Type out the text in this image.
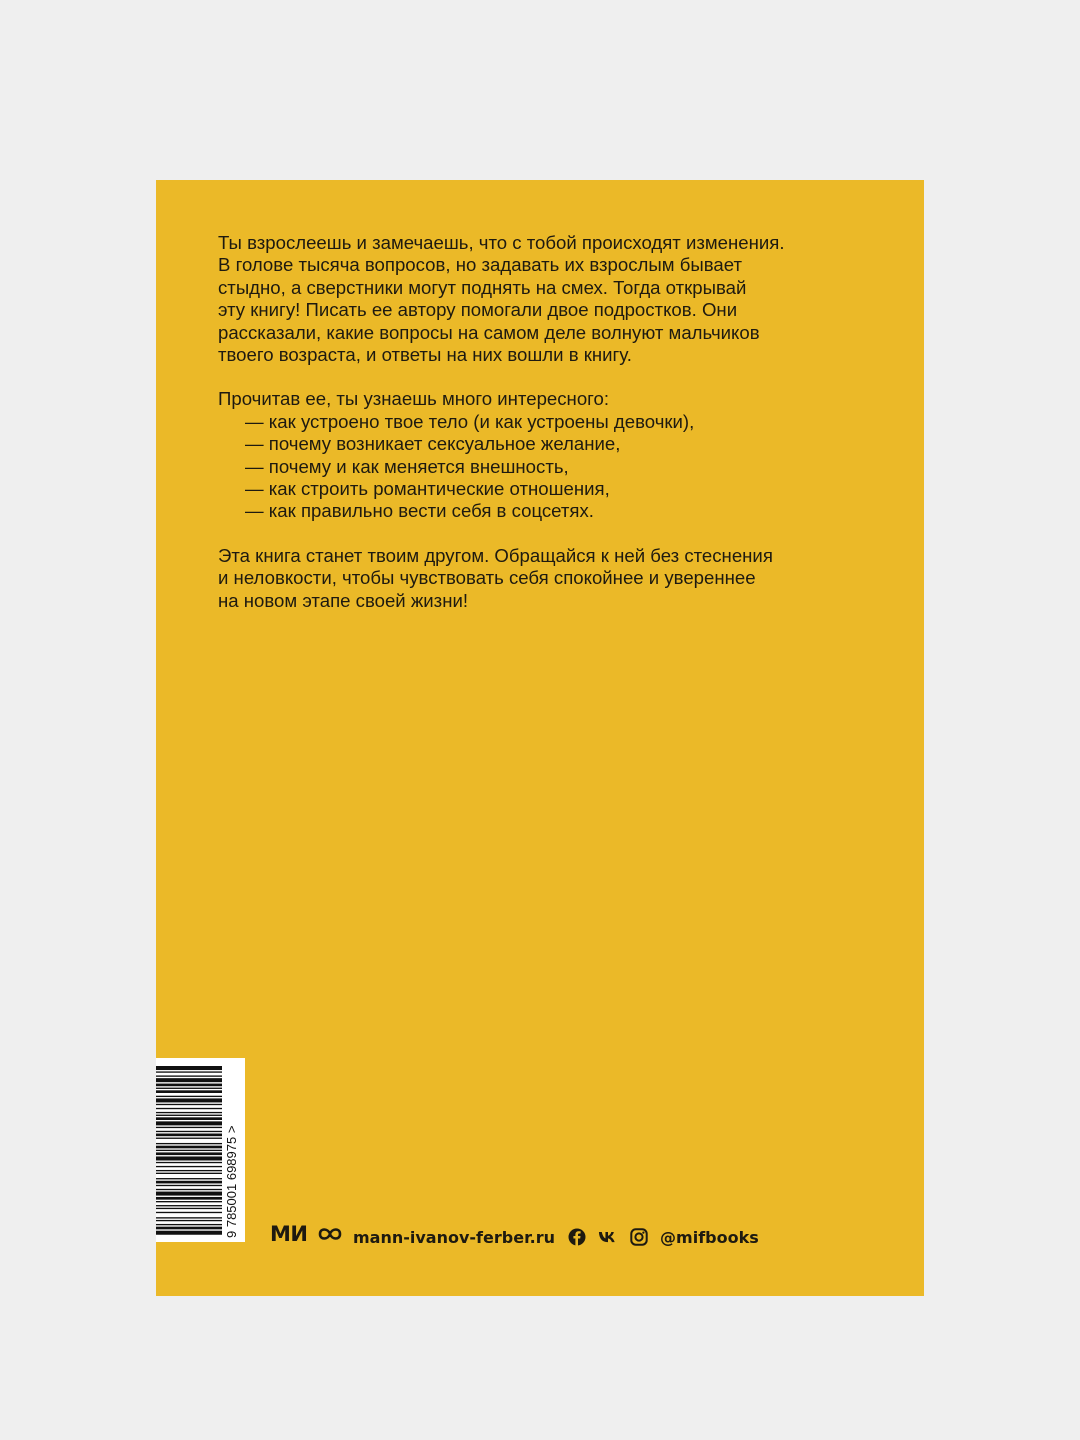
Ты взрослеешь и замечаешь, что с тобой происходят изменения.
В голове тысяча вопросов, но задавать их взрослым бывает
стыдно, а сверстники могут поднять на смех. Тогда открывай
эту книгу! Писать ее автору помогали двое подростков. Они
рассказали, какие вопросы на самом деле волнуют мальчиков
твоего возраста, и ответы на них вошли в книгу.

Прочитав ее, ты узнаешь много интересного:
— как устроено твое тело (и как устроены девочки),
— почему возникает сексуальное желание,
— почему и как меняется внешность,
— как строить романтические отношения,
— как правильно вести себя в соцсетях.

Эта книга станет твоим другом. Обращайся к ней без стеснения
и неловкости, чтобы чувствовать себя спокойнее и увереннее
на новом этапе своей жизни!

9 785001 698975 > МИ	mann-ivanov-ferber.ru	@mifbooks
